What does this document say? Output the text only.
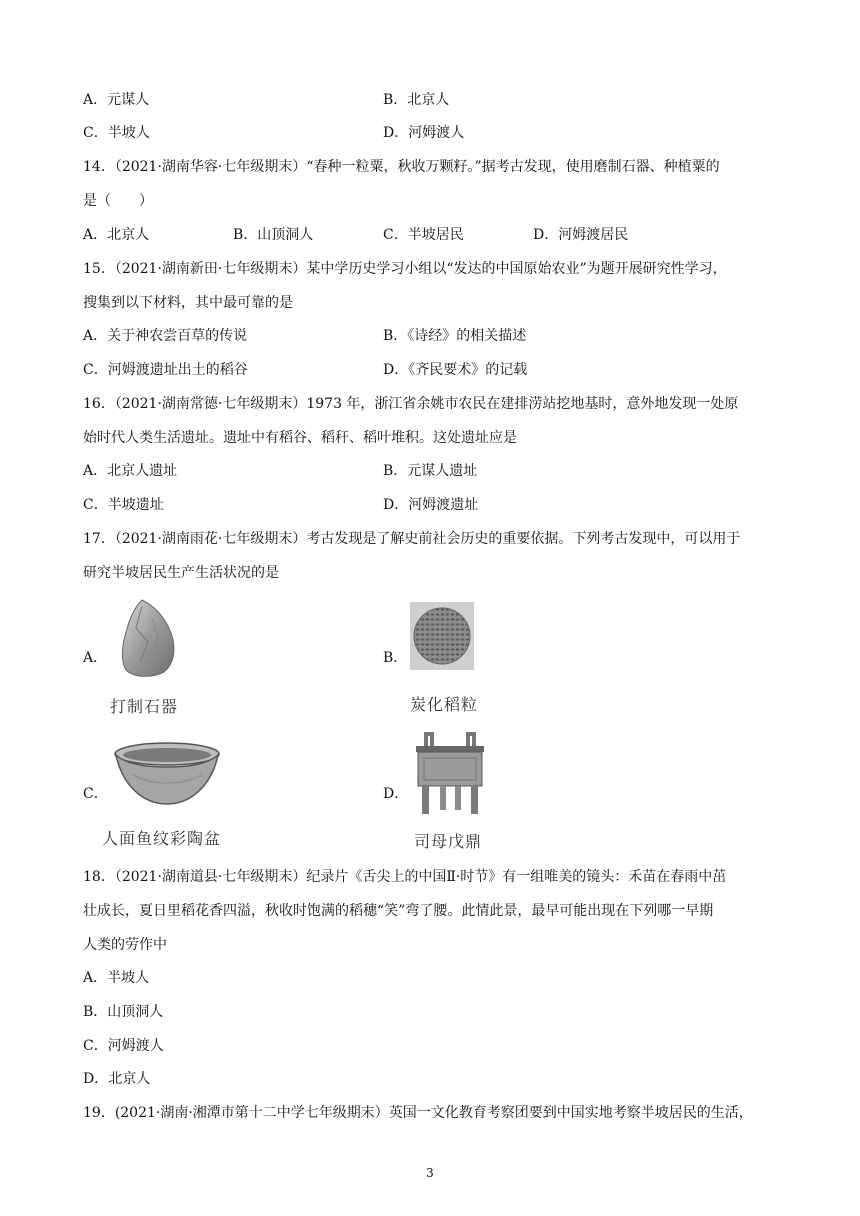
A．元谋人	B．北京人
C．半坡人	D．河姆渡人
14．（2021·湖南华容·七年级期末）“春种一粒粟，秋收万颗籽。”据考古发现，使用磨制石器、种植粟的
是（　　）
A．北京人	B．山顶洞人	C．半坡居民	D．河姆渡居民
15．（2021·湖南新田·七年级期末）某中学历史学习小组以“发达的中国原始农业”为题开展研究性学习，
搜集到以下材料，其中最可靠的是
A．关于神农尝百草的传说	B．《诗经》的相关描述
C．河姆渡遗址出土的稻谷	D．《齐民要术》的记载
16．（2021·湖南常德·七年级期末）1973 年，浙江省余姚市农民在建排涝站挖地基时，意外地发现一处原
始时代人类生活遗址。遗址中有稻谷、稻秆、稻叶堆积。这处遗址应是
A．北京人遗址	B．元谋人遗址
C．半坡遗址	D．河姆渡遗址
17．（2021·湖南雨花·七年级期末）考古发现是了解史前社会历史的重要依据。下列考古发现中，可以用于
研究半坡居民生产生活状况的是
A．
打制石器
B．
炭化稻粒
C．
人面鱼纹彩陶盆
D．
司母戊鼎
18．（2021·湖南道县·七年级期末）纪录片《舌尖上的中国Ⅱ·时节》有一组唯美的镜头：禾苗在春雨中茁
壮成长，夏日里稻花香四溢，秋收时饱满的稻穗“笑”弯了腰。此情此景，最早可能出现在下列哪一早期
人类的劳作中
A．半坡人
B．山顶洞人
C．河姆渡人
D．北京人
19．(2021·湖南·湘潭市第十二中学七年级期末）英国一文化教育考察团要到中国实地考察半坡居民的生活，
3
